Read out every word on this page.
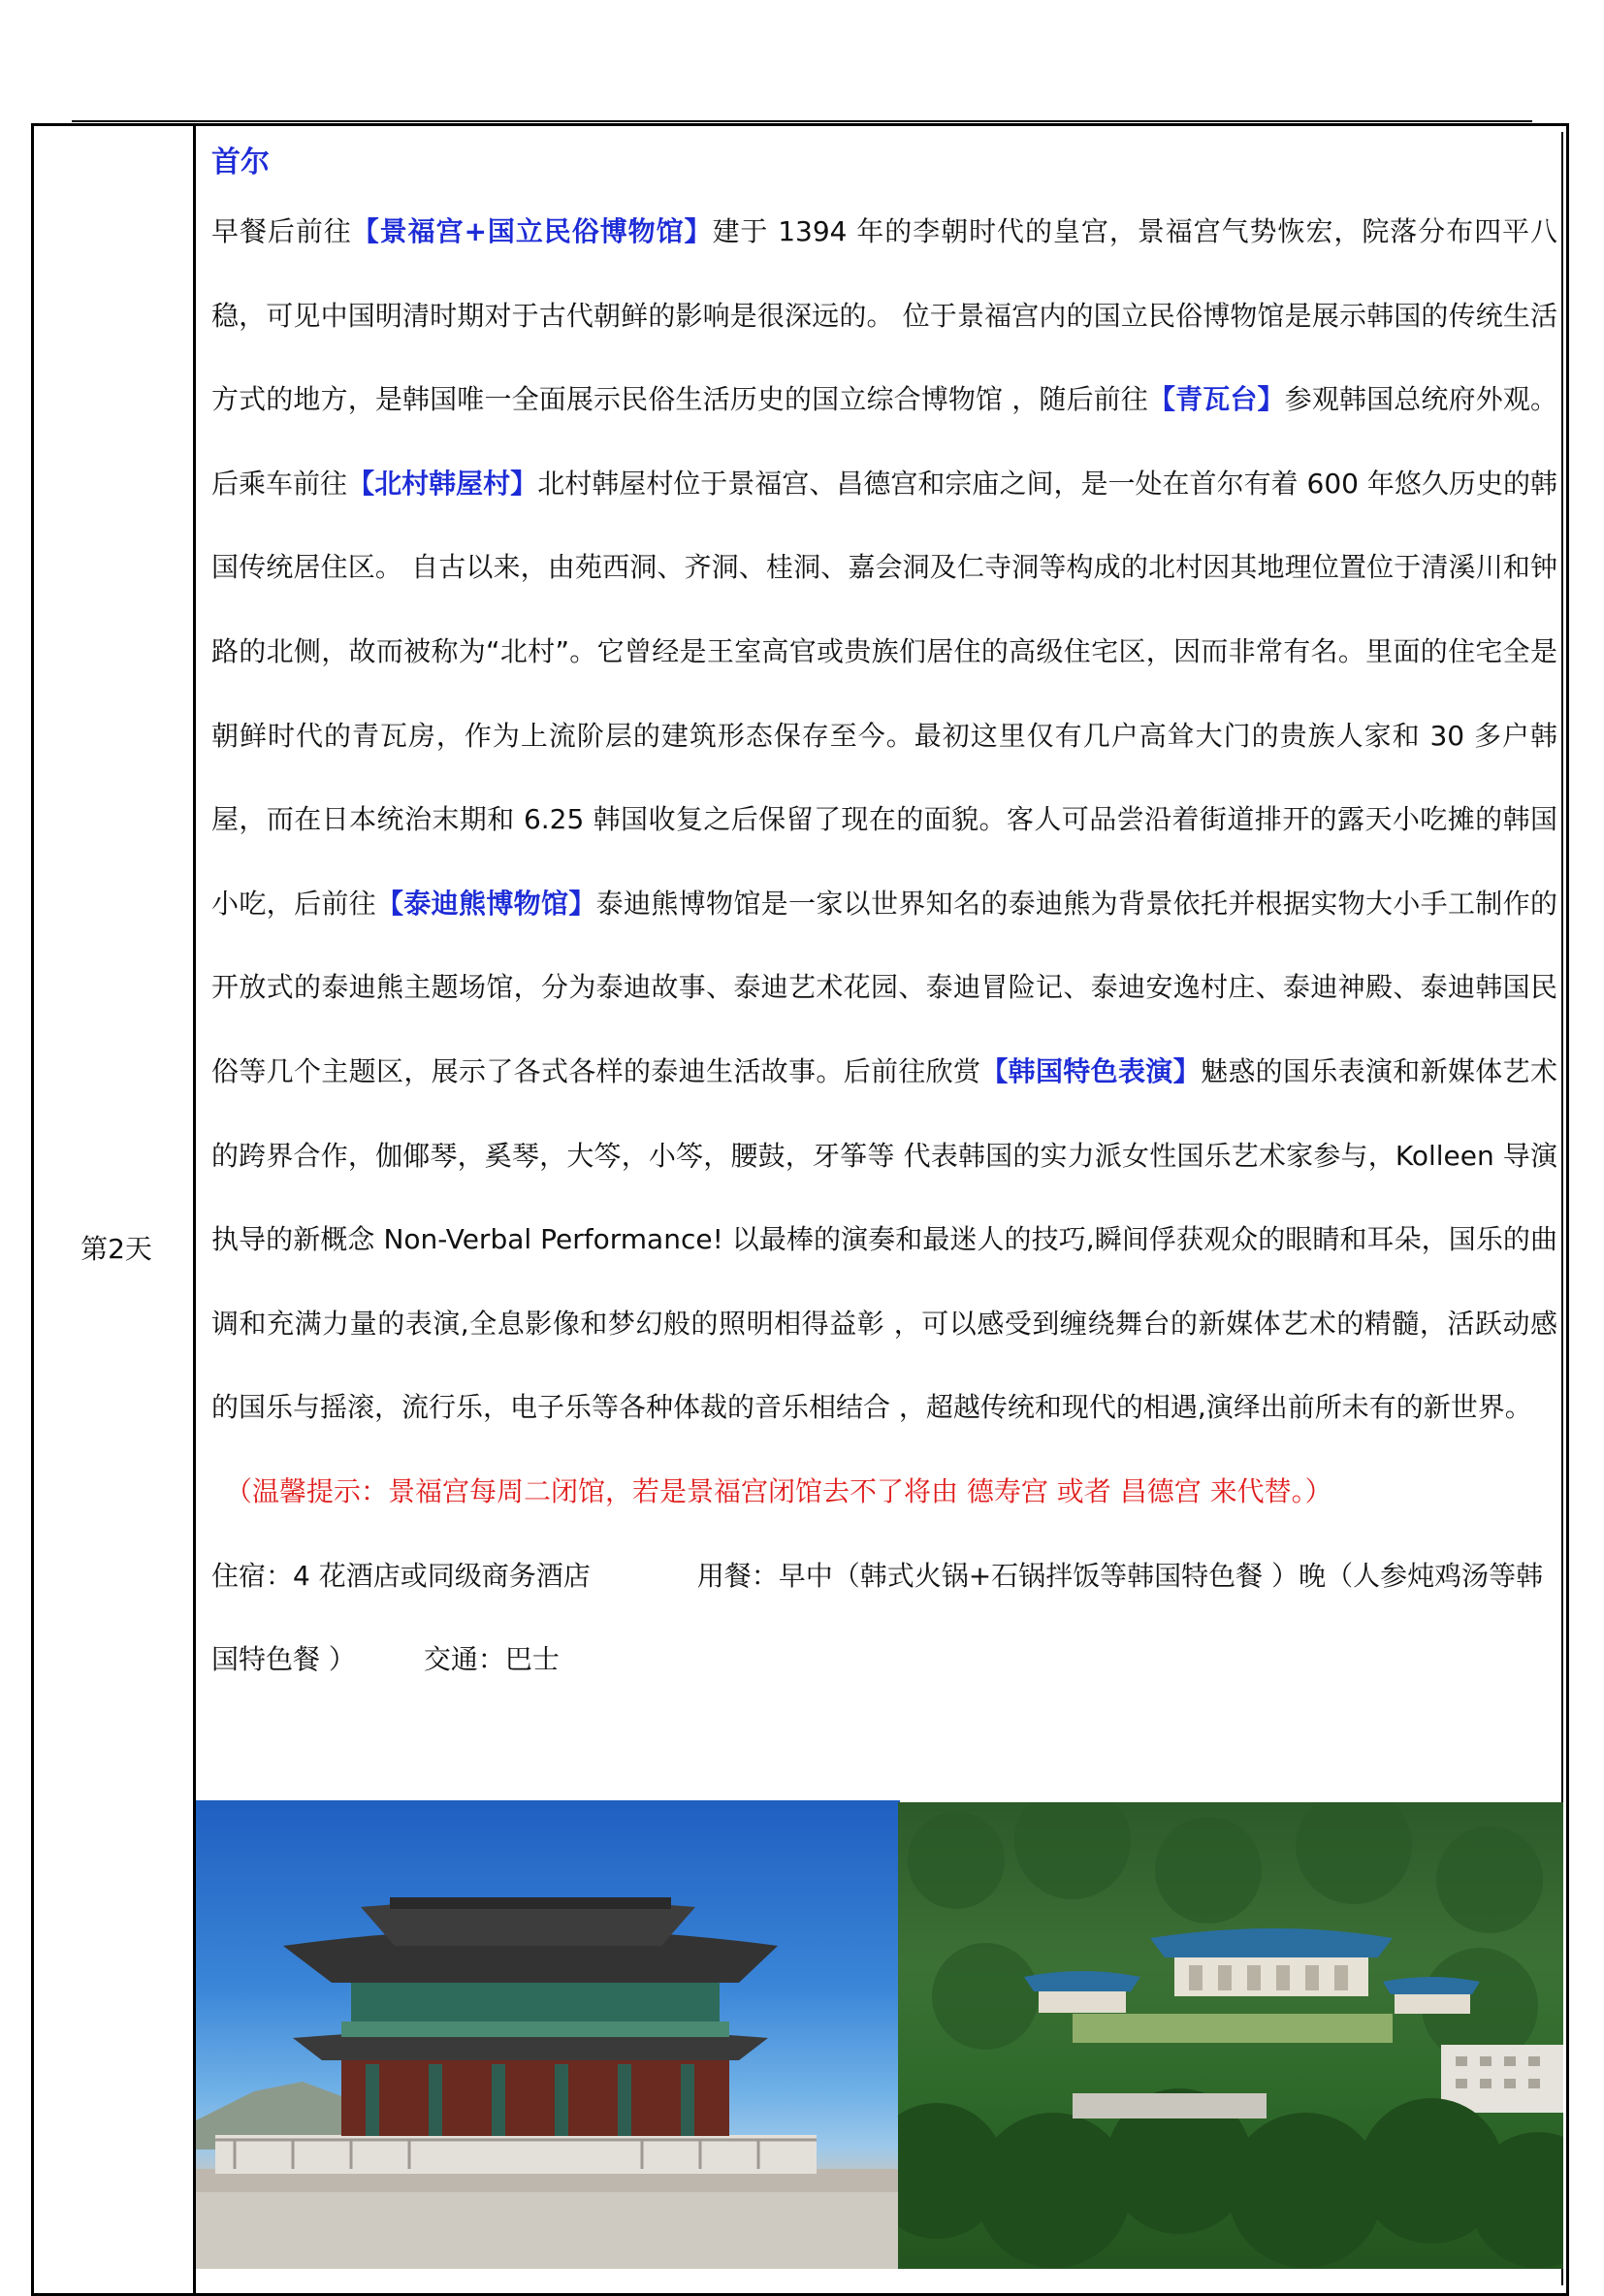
第2天
首尔

早餐后前往【景福宫+国立民俗博物馆】建于 1394 年的李朝时代的皇宫，景福宫气势恢宏，院落分布四平八稳，可见中国明清时期对于古代朝鲜的影响是很深远的。 位于景福宫内的国立民俗博物馆是展示韩国的传统生活方式的地方，是韩国唯一全面展示民俗生活历史的国立综合博物馆 ，随后前往【青瓦台】参观韩国总统府外观。后乘车前往【北村韩屋村】北村韩屋村位于景福宫、昌德宫和宗庙之间，是一处在首尔有着 600 年悠久历史的韩国传统居住区。 自古以来，由苑西洞、齐洞、桂洞、嘉会洞及仁寺洞等构成的北村因其地理位置位于清溪川和钟路的北侧，故而被称为“北村”。它曾经是王室高官或贵族们居住的高级住宅区，因而非常有名。里面的住宅全是朝鲜时代的青瓦房，作为上流阶层的建筑形态保存至今。最初这里仅有几户高耸大门的贵族人家和 30 多户韩屋，而在日本统治末期和 6.25 韩国收复之后保留了现在的面貌。客人可品尝沿着街道排开的露天小吃摊的韩国小吃，后前往【泰迪熊博物馆】泰迪熊博物馆是一家以世界知名的泰迪熊为背景依托并根据实物大小手工制作的开放式的泰迪熊主题场馆，分为泰迪故事、泰迪艺术花园、泰迪冒险记、泰迪安逸村庄、泰迪神殿、泰迪韩国民俗等几个主题区，展示了各式各样的泰迪生活故事。后前往欣赏【韩国特色表演】魅惑的国乐表演和新媒体艺术的跨界合作，伽倻琴，奚琴，大笒，小笒，腰鼓，牙筝等 代表韩国的实力派女性国乐艺术家参与，Kolleen 导演执导的新概念 Non-Verbal Performance! 以最棒的演奏和最迷人的技巧,瞬间俘获观众的眼睛和耳朵，国乐的曲调和充满力量的表演,全息影像和梦幻般的照明相得益彰 ，可以感受到缠绕舞台的新媒体艺术的精髓，活跃动感的国乐与摇滚，流行乐，电子乐等各种体裁的音乐相结合 ，超越传统和现代的相遇,演绎出前所未有的新世界。

（温馨提示：景福宫每周二闭馆，若是景福宫闭馆去不了将由 德寿宫 或者 昌德宫 来代替。）

住宿：4 花酒店或同级商务酒店	用餐：早中（韩式火锅+石锅拌饭等韩国特色餐 ）晚（人参炖鸡汤等韩国特色餐 ）	交通：巴士
